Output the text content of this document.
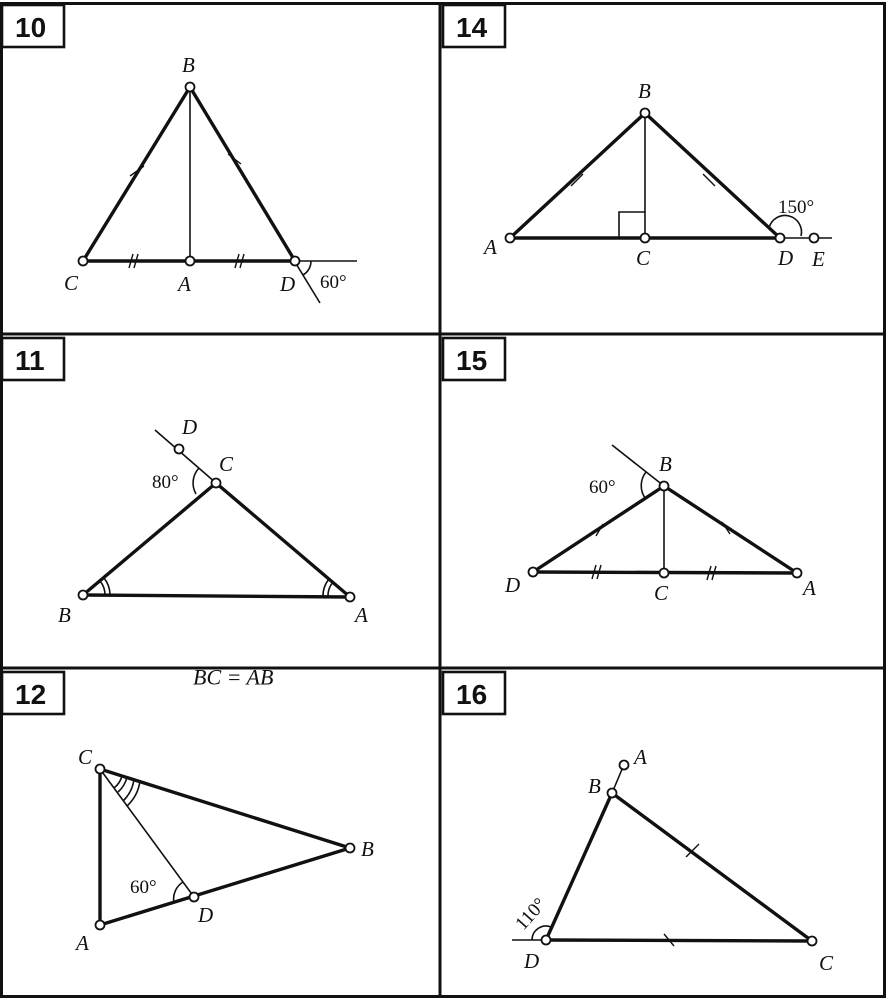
10
B
C	A	D 60°
14
B
A	C	D E
150°
11
D
C
B	A
80°
15
B
D	C	A
60°
12
BC = AB
C
B
A
D
60°
16
A
B
D	C
110°
